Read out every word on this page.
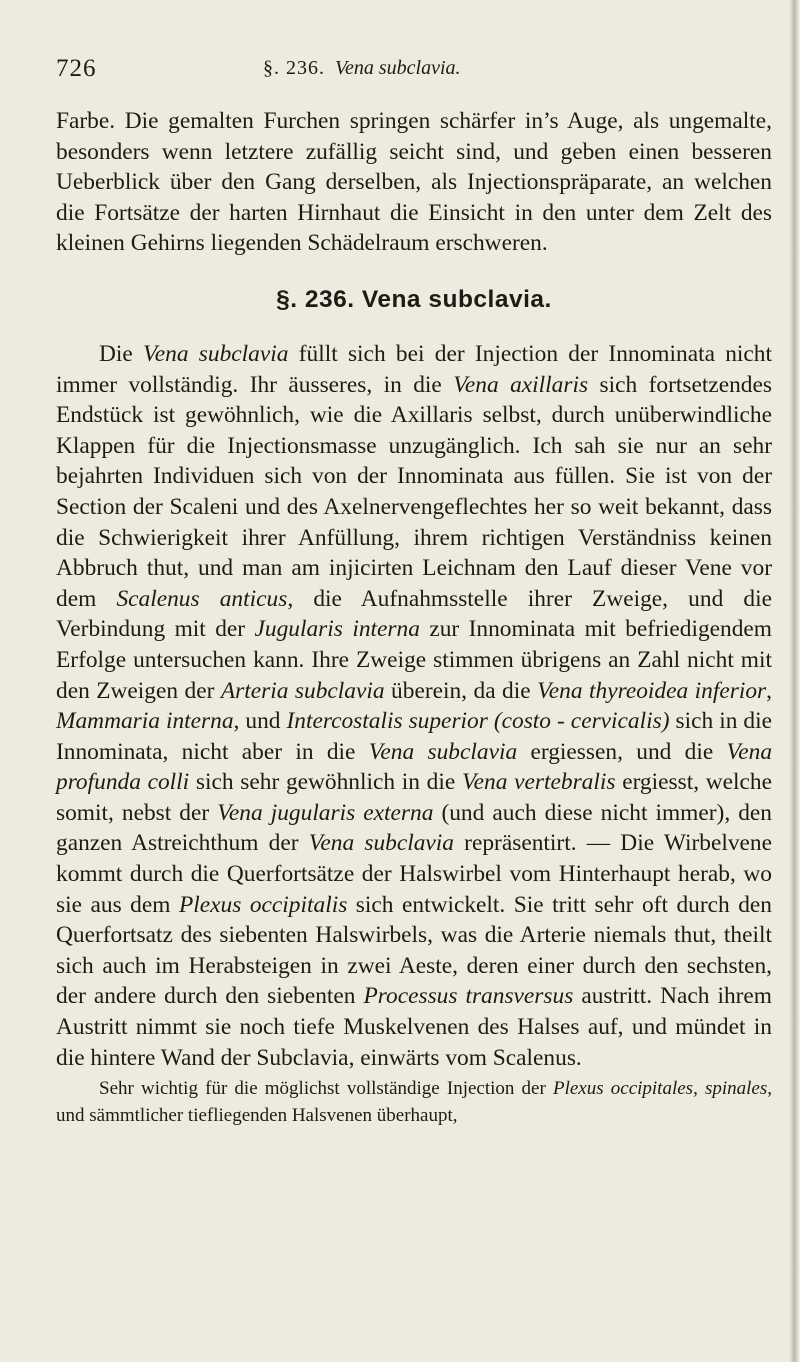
726	§. 236. Vena subclavia.

Farbe. Die gemalten Furchen springen schärfer in’s Auge, als ungemalte, besonders wenn letztere zufällig seicht sind, und geben einen besseren Ueberblick über den Gang derselben, als Injectionspräparate, an welchen die Fortsätze der harten Hirnhaut die Einsicht in den unter dem Zelt des kleinen Gehirns liegenden Schädelraum erschweren.

§. 236. Vena subclavia.

Die Vena subclavia füllt sich bei der Injection der Innominata nicht immer vollständig. Ihr äusseres, in die Vena axillaris sich fortsetzendes Endstück ist gewöhnlich, wie die Axillaris selbst, durch unüberwindliche Klappen für die Injectionsmasse unzugänglich. Ich sah sie nur an sehr bejahrten Individuen sich von der Innominata aus füllen. Sie ist von der Section der Scaleni und des Axelnervengeflechtes her so weit bekannt, dass die Schwierigkeit ihrer Anfüllung, ihrem richtigen Verständniss keinen Abbruch thut, und man am injicirten Leichnam den Lauf dieser Vene vor dem Scalenus anticus, die Aufnahmsstelle ihrer Zweige, und die Verbindung mit der Jugularis interna zur Innominata mit befriedigendem Erfolge untersuchen kann. Ihre Zweige stimmen übrigens an Zahl nicht mit den Zweigen der Arteria subclavia überein, da die Vena thyreoidea inferior, Mammaria interna, und Intercostalis superior (costo - cervicalis) sich in die Innominata, nicht aber in die Vena subclavia ergiessen, und die Vena profunda colli sich sehr gewöhnlich in die Vena vertebralis ergiesst, welche somit, nebst der Vena jugularis externa (und auch diese nicht immer), den ganzen Astreichthum der Vena subclavia repräsentirt. — Die Wirbelvene kommt durch die Querfortsätze der Halswirbel vom Hinterhaupt herab, wo sie aus dem Plexus occipitalis sich entwickelt. Sie tritt sehr oft durch den Querfortsatz des siebenten Halswirbels, was die Arterie niemals thut, theilt sich auch im Herabsteigen in zwei Aeste, deren einer durch den sechsten, der andere durch den siebenten Processus transversus austritt. Nach ihrem Austritt nimmt sie noch tiefe Muskelvenen des Halses auf, und mündet in die hintere Wand der Subclavia, einwärts vom Scalenus.

Sehr wichtig für die möglichst vollständige Injection der Plexus occipitales, spinales, und sämmtlicher tiefliegenden Halsvenen überhaupt,
